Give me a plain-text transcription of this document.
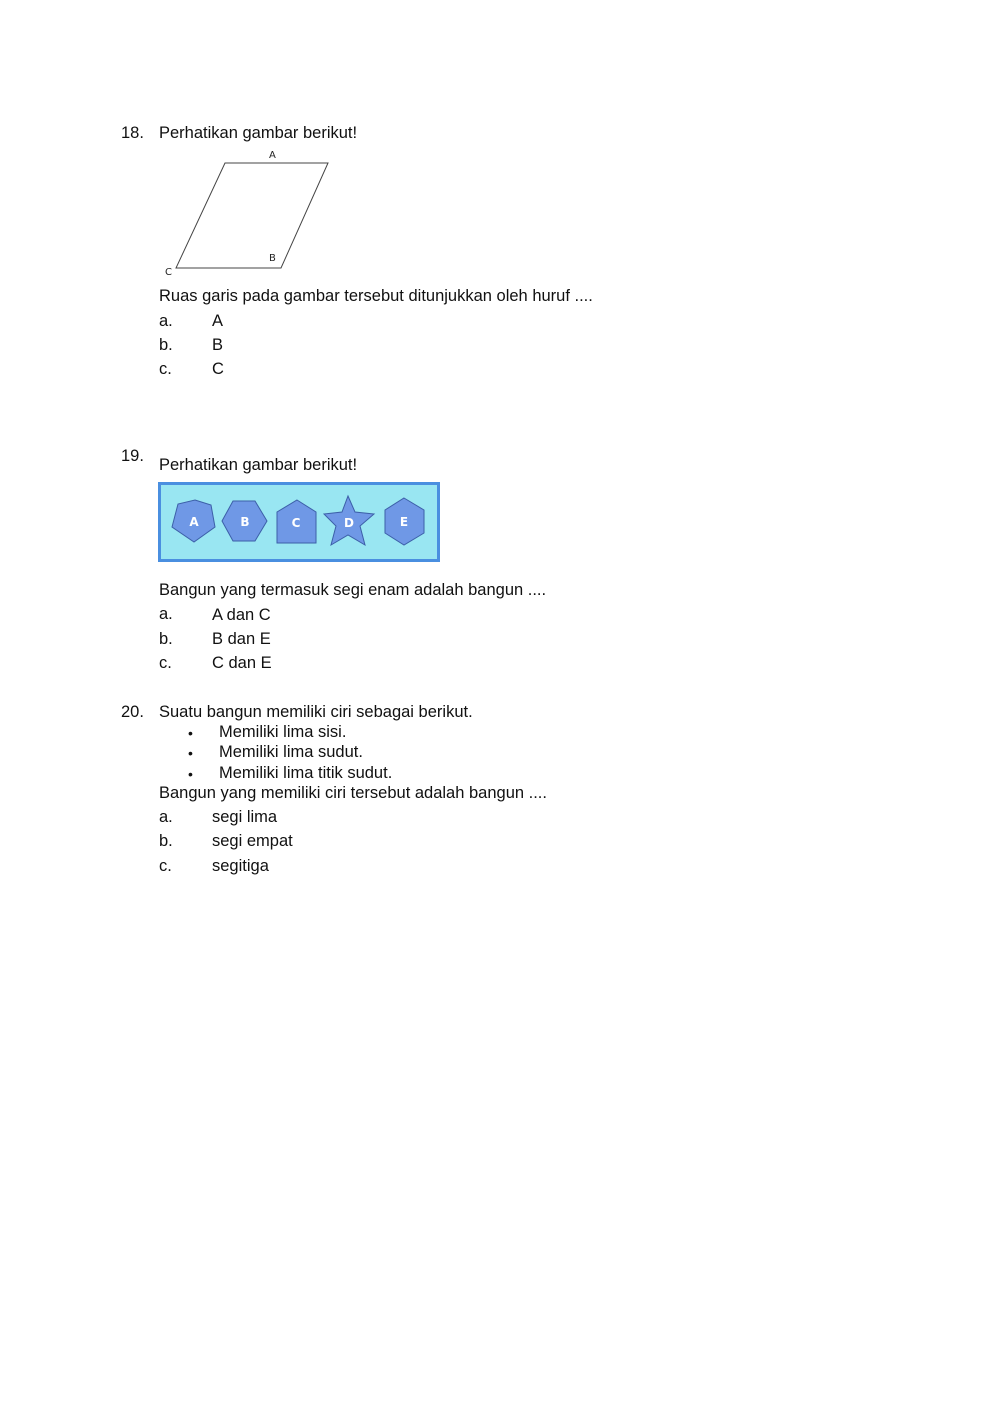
18. Perhatikan gambar berikut!
A
B
C
Ruas garis pada gambar tersebut ditunjukkan oleh huruf ....
a. A
b. B
c. C
19. Perhatikan gambar berikut!
A	B	C	D	E
Bangun yang termasuk segi enam adalah bangun ....
a. A dan C
b. B dan E
c. C dan E
20. Suatu bangun memiliki ciri sebagai berikut.
• Memiliki lima sisi.
• Memiliki lima sudut.
• Memiliki lima titik sudut.
Bangun yang memiliki ciri tersebut adalah bangun ....
a. segi lima
b. segi empat
c. segitiga
